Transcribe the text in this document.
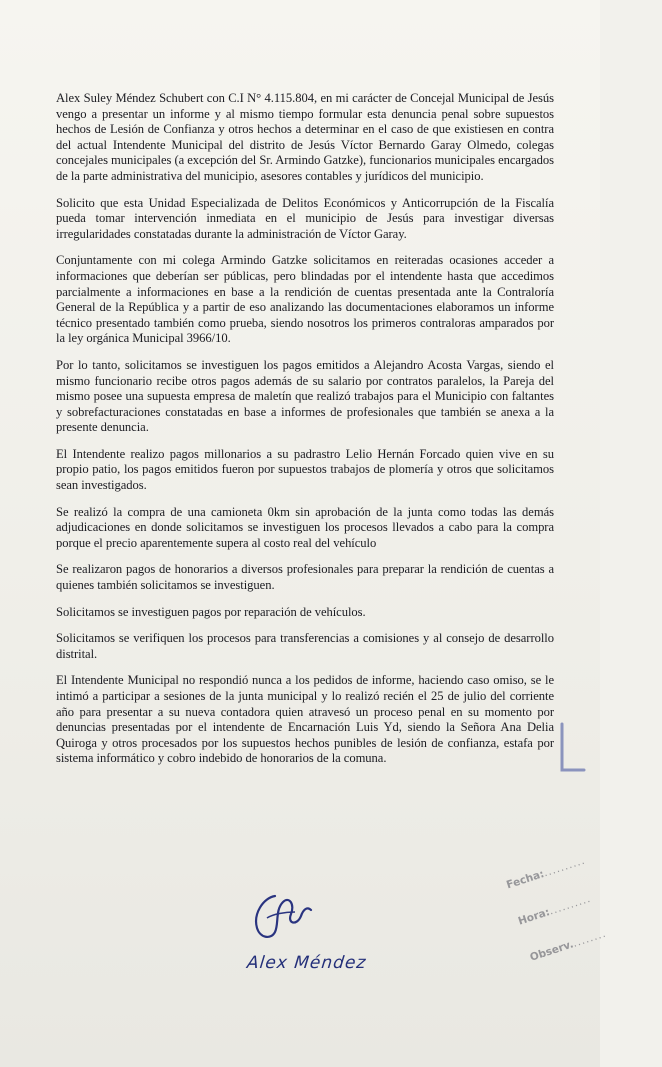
Alex Suley Méndez Schubert con C.I N° 4.115.804, en mi carácter de Concejal Municipal de Jesús vengo a presentar un informe y al mismo tiempo formular esta denuncia penal sobre supuestos hechos de Lesión de Confianza y otros hechos a determinar en el caso de que existiesen en contra del actual Intendente Municipal del distrito de Jesús Víctor Bernardo Garay Olmedo, colegas concejales municipales (a excepción del Sr. Armindo Gatzke), funcionarios municipales encargados de la parte administrativa del municipio, asesores contables y jurídicos del municipio.

Solicito que esta Unidad Especializada de Delitos Económicos y Anticorrupción de la Fiscalía pueda tomar intervención inmediata en el municipio de Jesús para investigar diversas irregularidades constatadas durante la administración de Víctor Garay.

Conjuntamente con mi colega Armindo Gatzke solicitamos en reiteradas ocasiones acceder a informaciones que deberían ser públicas, pero blindadas por el intendente hasta que accedimos parcialmente a informaciones en base a la rendición de cuentas presentada ante la Contraloría General de la República y a partir de eso analizando las documentaciones elaboramos un informe técnico presentado también como prueba, siendo nosotros los primeros contraloras amparados por la ley orgánica Municipal 3966/10.

Por lo tanto, solicitamos se investiguen los pagos emitidos a Alejandro Acosta Vargas, siendo el mismo funcionario recibe otros pagos además de su salario por contratos paralelos, la Pareja del mismo posee una supuesta empresa de maletín que realizó trabajos para el Municipio con faltantes y sobrefacturaciones constatadas en base a informes de profesionales que también se anexa a la presente denuncia.

El Intendente realizo pagos millonarios a su padrastro Lelio Hernán Forcado quien vive en su propio patio, los pagos emitidos fueron por supuestos trabajos de plomería y otros que solicitamos sean investigados.

Se realizó la compra de una camioneta 0km sin aprobación de la junta como todas las demás adjudicaciones en donde solicitamos se investiguen los procesos llevados a cabo para la compra porque el precio aparentemente supera al costo real del vehículo

Se realizaron pagos de honorarios a diversos profesionales para preparar la rendición de cuentas a quienes también solicitamos se investiguen.

Solicitamos se investiguen pagos por reparación de vehículos.

Solicitamos se verifiquen los procesos para transferencias a comisiones y al consejo de desarrollo distrital.

El Intendente Municipal no respondió nunca a los pedidos de informe, haciendo caso omiso, se le intimó a participar a sesiones de la junta municipal y lo realizó recién el 25 de julio del corriente año para presentar a su nueva contadora quien atravesó un proceso penal en su momento por denuncias presentadas por el intendente de Encarnación Luis Yd, siendo la Señora Ana Delia Quiroga y otros procesados por los supuestos hechos punibles de lesión de confianza, estafa por sistema informático y cobro indebido de honorarios de la comuna.

Alex Méndez
Fecha:..........
Hora:..........
Observ.........
